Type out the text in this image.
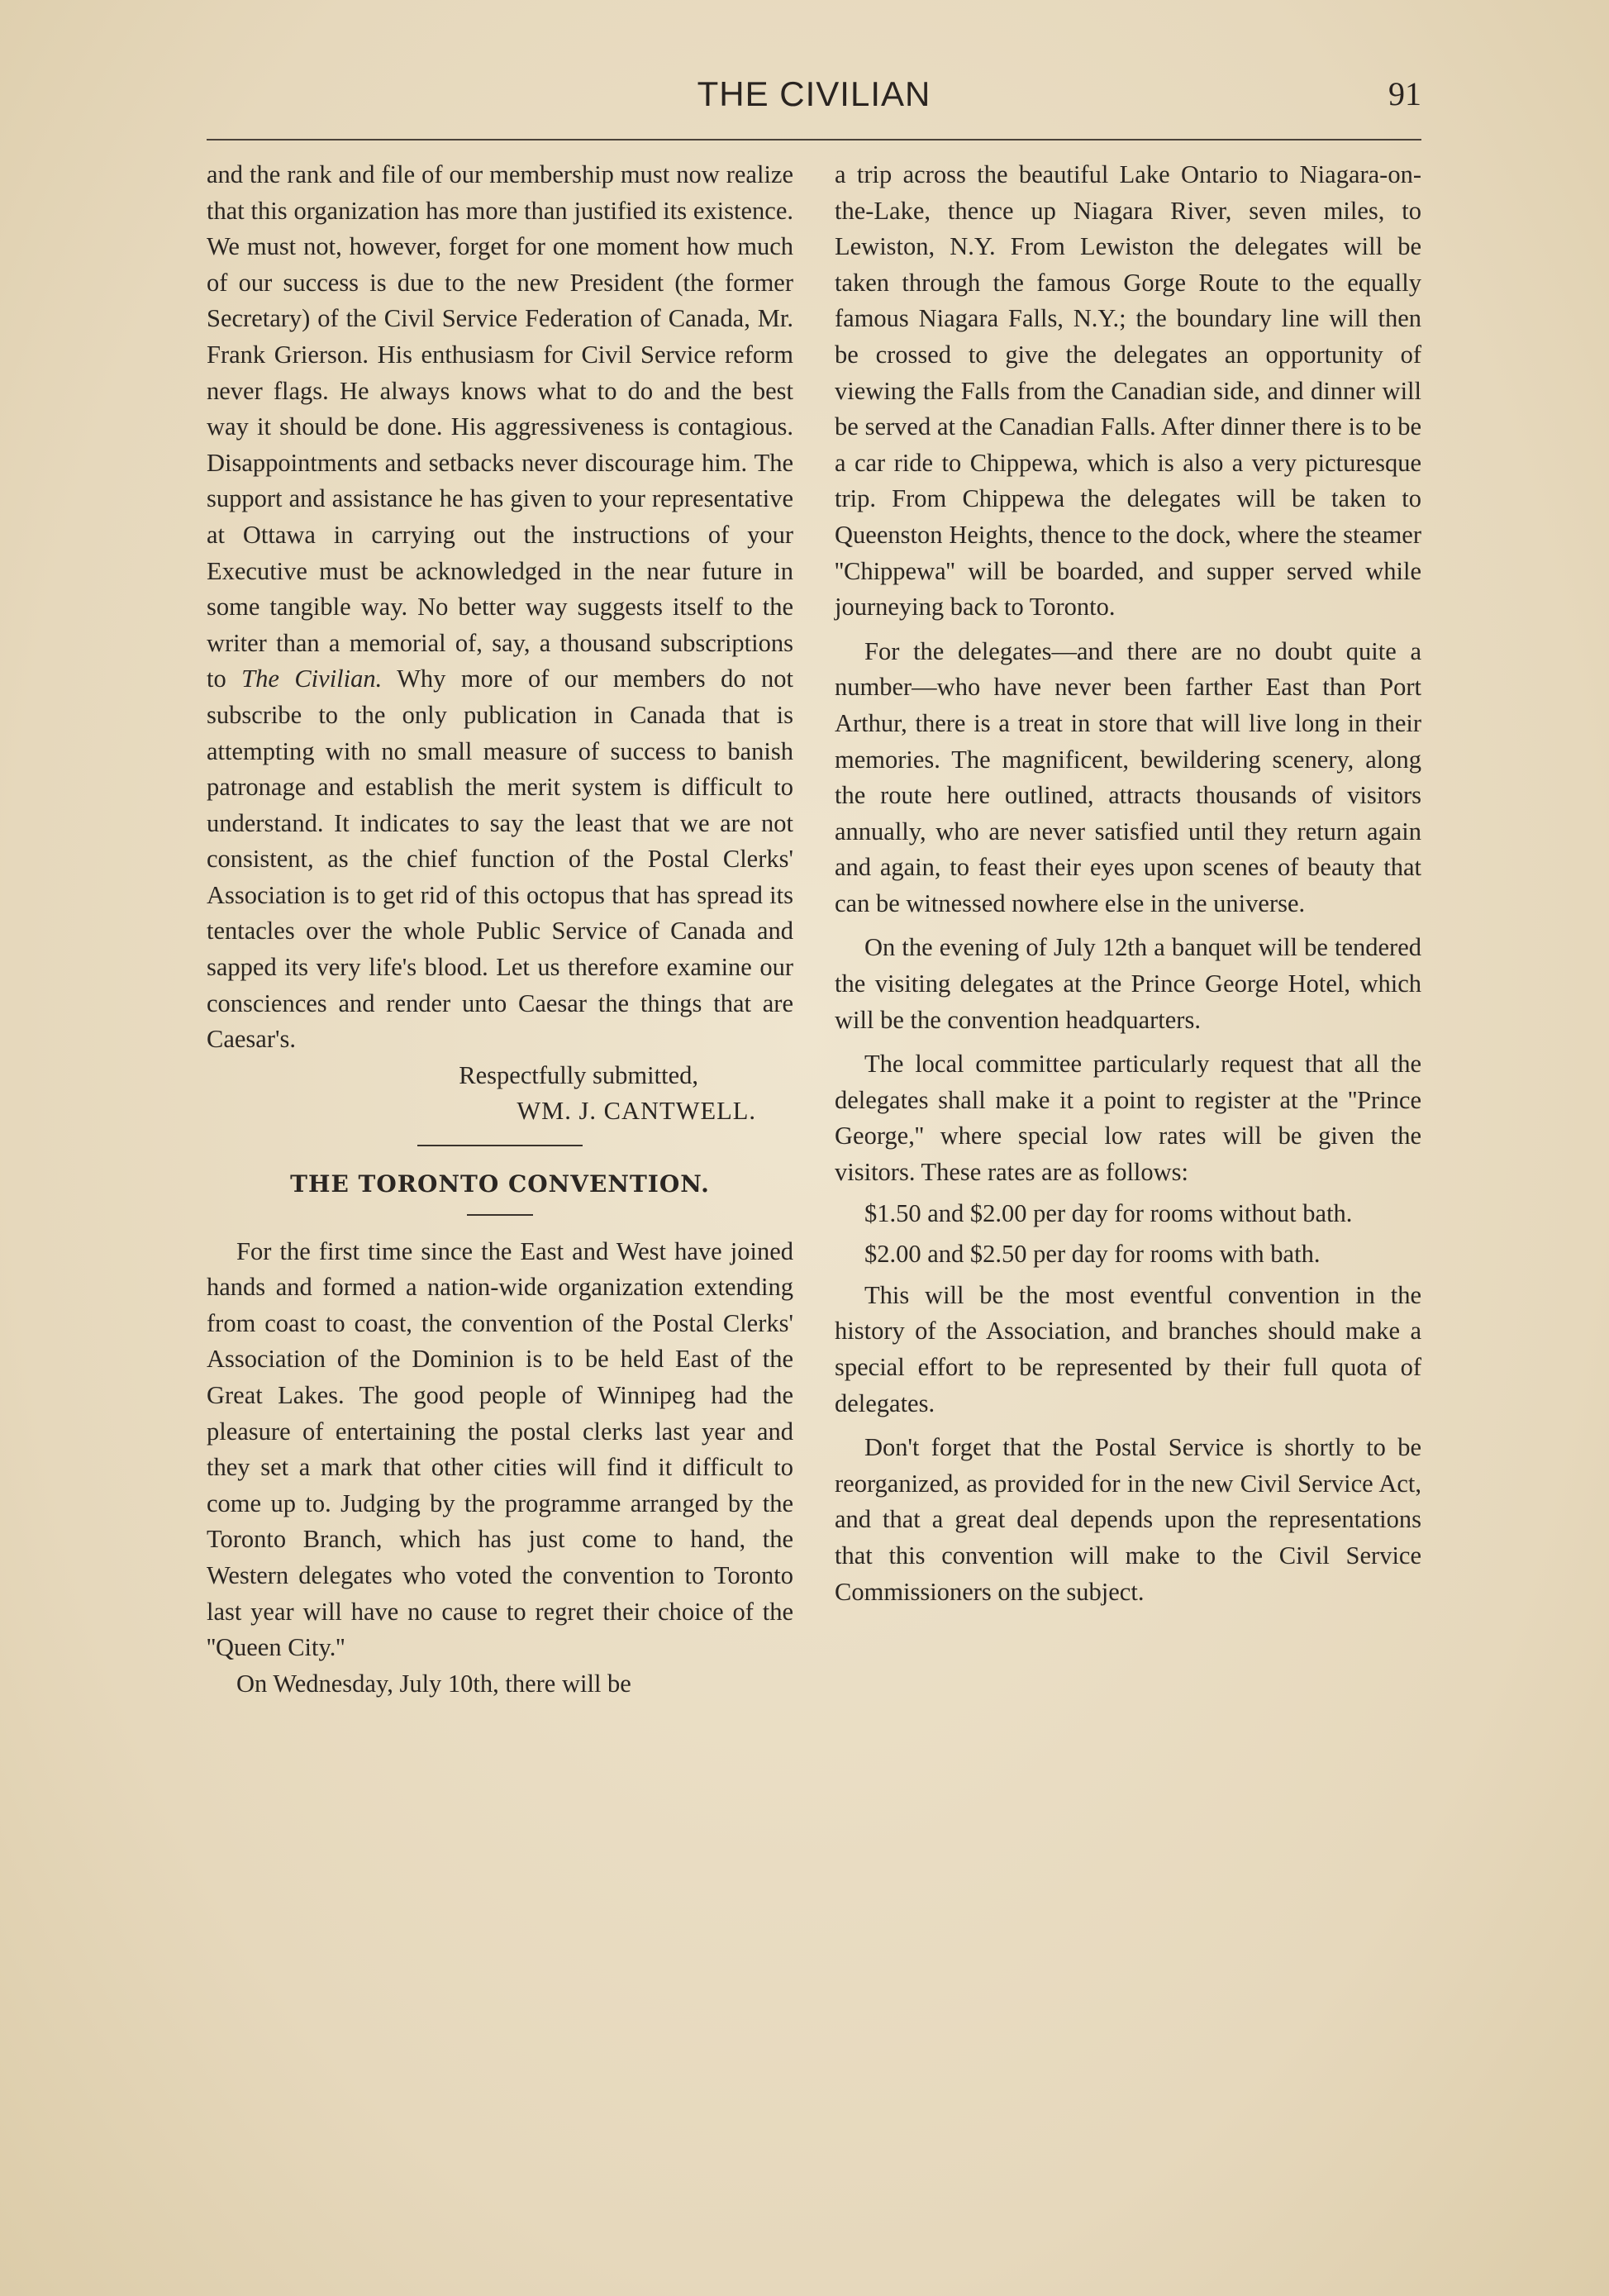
THE CIVILIAN	91

and the rank and file of our membership must now realize that this organization has more than justified its existence. We must not, however, forget for one moment how much of our success is due to the new President (the former Secretary) of the Civil Service Federation of Canada, Mr. Frank Grierson. His enthusiasm for Civil Service reform never flags. He always knows what to do and the best way it should be done. His aggressiveness is contagious. Disappointments and setbacks never discourage him. The support and assistance he has given to your representative at Ottawa in carrying out the instructions of your Executive must be acknowledged in the near future in some tangible way. No better way suggests itself to the writer than a memorial of, say, a thousand subscriptions to The Civilian. Why more of our members do not subscribe to the only publication in Canada that is attempting with no small measure of success to banish patronage and establish the merit system is difficult to understand. It indicates to say the least that we are not consistent, as the chief function of the Postal Clerks' Association is to get rid of this octopus that has spread its tentacles over the whole Public Service of Canada and sapped its very life's blood. Let us therefore examine our consciences and render unto Caesar the things that are Caesar's.

Respectfully submitted,

WM. J. CANTWELL.

THE TORONTO CONVENTION.

For the first time since the East and West have joined hands and formed a nation-wide organization extending from coast to coast, the convention of the Postal Clerks' Association of the Dominion is to be held East of the Great Lakes. The good people of Winnipeg had the pleasure of entertaining the postal clerks last year and they set a mark that other cities will find it difficult to come up to. Judging by the programme arranged by the Toronto Branch, which has just come to hand, the Western delegates who voted the convention to Toronto last year will have no cause to regret their choice of the ''Queen City.''

On Wednesday, July 10th, there will be

a trip across the beautiful Lake Ontario to Niagara-on-the-Lake, thence up Niagara River, seven miles, to Lewiston, N.Y. From Lewiston the delegates will be taken through the famous Gorge Route to the equally famous Niagara Falls, N.Y.; the boundary line will then be crossed to give the delegates an opportunity of viewing the Falls from the Canadian side, and dinner will be served at the Canadian Falls. After dinner there is to be a car ride to Chippewa, which is also a very picturesque trip. From Chippewa the delegates will be taken to Queenston Heights, thence to the dock, where the steamer ''Chippewa'' will be boarded, and supper served while journeying back to Toronto.

For the delegates—and there are no doubt quite a number—who have never been farther East than Port Arthur, there is a treat in store that will live long in their memories. The magnificent, bewildering scenery, along the route here outlined, attracts thousands of visitors annually, who are never satisfied until they return again and again, to feast their eyes upon scenes of beauty that can be witnessed nowhere else in the universe.

On the evening of July 12th a banquet will be tendered the visiting delegates at the Prince George Hotel, which will be the convention headquarters.

The local committee particularly request that all the delegates shall make it a point to register at the ''Prince George,'' where special low rates will be given the visitors. These rates are as follows:

$1.50 and $2.00 per day for rooms without bath.

$2.00 and $2.50 per day for rooms with bath.

This will be the most eventful convention in the history of the Association, and branches should make a special effort to be represented by their full quota of delegates.

Don't forget that the Postal Service is shortly to be reorganized, as provided for in the new Civil Service Act, and that a great deal depends upon the representations that this convention will make to the Civil Service Commissioners on the subject.
